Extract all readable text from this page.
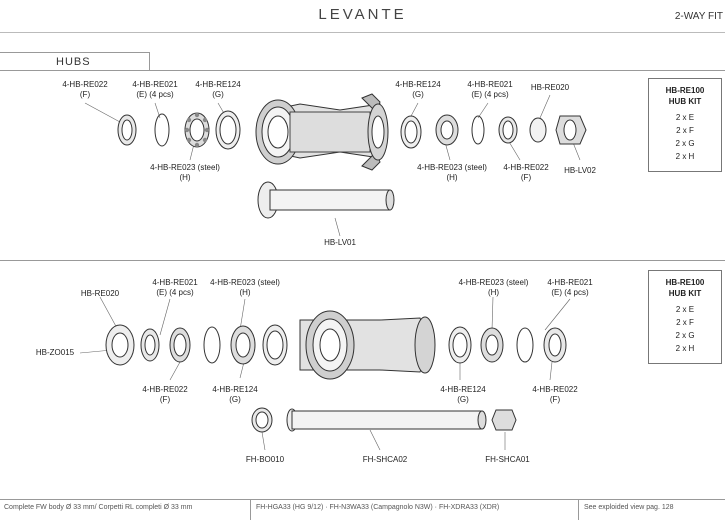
LEVANTE	2-WAY FIT
HUBS
4-HB-RE022
(F)
4-HB-RE021
(E) (4 pcs)
4-HB-RE124
(G)
4-HB-RE023 (steel)
(H)
4-HB-RE124
(G)
4-HB-RE021
(E) (4 pcs)
HB-RE020
4-HB-RE023 (steel)
(H)
4-HB-RE022
(F)
HB-LV02
HB-LV01
HB-RE100
HUB KIT
2 x E
2 x F
2 x G
2 x H
HB-RE020
4-HB-RE021
(E) (4 pcs)
4-HB-RE023 (steel)
(H)
HB-ZO015
4-HB-RE022
(F)
4-HB-RE124
(G)
4-HB-RE023 (steel)
(H)
4-HB-RE021
(E) (4 pcs)
4-HB-RE124
(G)
4-HB-RE022
(F)
FH-BO010	FH-SHCA02	FH-SHCA01
HB-RE100
HUB KIT
2 x E
2 x F
2 x G
2 x H
Complete FW body Ø 33 mm/ Corpetti RL completi Ø 33 mm	FH-HGA33 (HG 9/12) · FH-N3WA33 (Campagnolo N3W) · FH-XDRA33 (XDR)	See exploided view pag. 128
